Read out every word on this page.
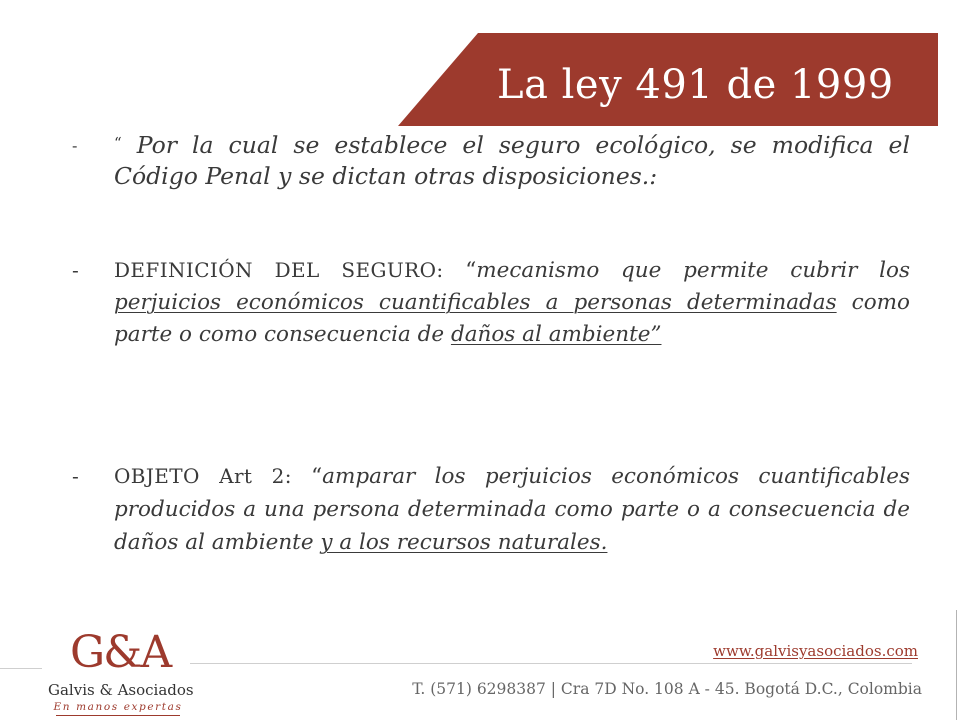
La ley 491 de 1999
-	“ Por la cual se establece el seguro ecológico, se modifica el Código Penal y se dictan otras disposiciones.:
-	DEFINICIÓN DEL SEGURO: “mecanismo que permite cubrir los perjuicios económicos cuantificables a personas determinadas como parte o como consecuencia de daños al ambiente”
-	OBJETO Art 2: “amparar los perjuicios económicos cuantificables producidos a una persona determinada como parte o a consecuencia de daños al ambiente y a los recursos naturales.
G&A
Galvis & Asociados
En manos expertas
www.galvisyasociados.com
T. (571) 6298387 | Cra 7D No. 108 A - 45. Bogotá D.C., Colombia
